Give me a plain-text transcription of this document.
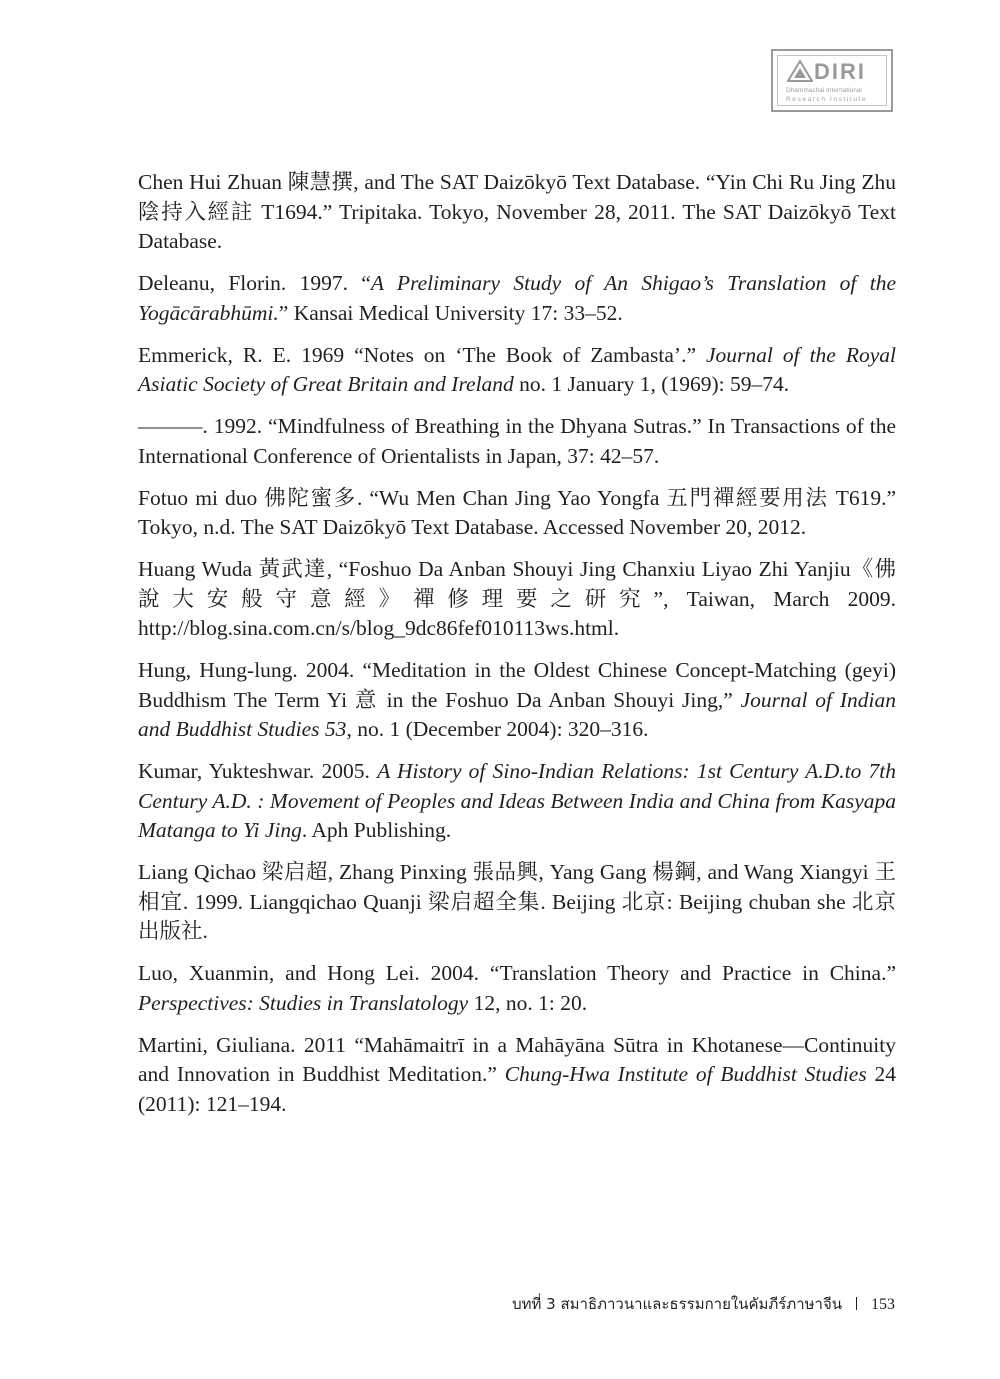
DIRI
Dhammachai International
Research Institute

Chen Hui Zhuan 陳慧撰, and The SAT Daizōkyō Text Database. “Yin Chi Ru Jing Zhu 陰持入經註 T1694.” Tripitaka. Tokyo, November 28, 2011. The SAT Daizōkyō Text Database.

Deleanu, Florin. 1997. “A Preliminary Study of An Shigao’s Translation of the Yogācārabhūmi.” Kansai Medical University 17: 33–52.

Emmerick, R. E. 1969 “Notes on ‘The Book of Zambasta’.” Journal of the Royal Asiatic Society of Great Britain and Ireland no. 1 January 1, (1969): 59–74.

———. 1992. “Mindfulness of Breathing in the Dhyana Sutras.” In Transactions of the International Conference of Orientalists in Japan, 37: 42–57.

Fotuo mi duo 佛陀蜜多. “Wu Men Chan Jing Yao Yongfa 五門禪經要用法 T619.” Tokyo, n.d. The SAT Daizōkyō Text Database. Accessed November 20, 2012.

Huang Wuda 黃武達, “Foshuo Da Anban Shouyi Jing Chanxiu Liyao Zhi Yanjiu《佛說大安般守意經》禪修理要之研究”, Taiwan, March 2009. http://blog.sina.com.cn/s/blog_9dc86fef010113ws.html.

Hung, Hung-lung. 2004. “Meditation in the Oldest Chinese Concept-Matching (geyi) Buddhism The Term Yi 意 in the Foshuo Da Anban Shouyi Jing,” Journal of Indian and Buddhist Studies 53, no. 1 (December 2004): 320–316.

Kumar, Yukteshwar. 2005. A History of Sino-Indian Relations: 1st Century A.D.to 7th Century A.D. : Movement of Peoples and Ideas Between India and China from Kasyapa Matanga to Yi Jing. Aph Publishing.

Liang Qichao 梁启超, Zhang Pinxing 張品興, Yang Gang 楊鋼, and Wang Xiangyi 王相宜. 1999. Liangqichao Quanji 梁启超全集. Beijing 北京: Beijing chuban she 北京出版社.

Luo, Xuanmin, and Hong Lei. 2004. “Translation Theory and Practice in China.” Perspectives: Studies in Translatology 12, no. 1: 20.

Martini, Giuliana. 2011 “Mahāmaitrī in a Mahāyāna Sūtra in Khotanese—Continuity and Innovation in Buddhist Meditation.” Chung-Hwa Institute of Buddhist Studies 24 (2011): 121–194.

บทที่ 3 สมาธิภาวนาและธรรมกายในคัมภีร์ภาษาจีน 153
